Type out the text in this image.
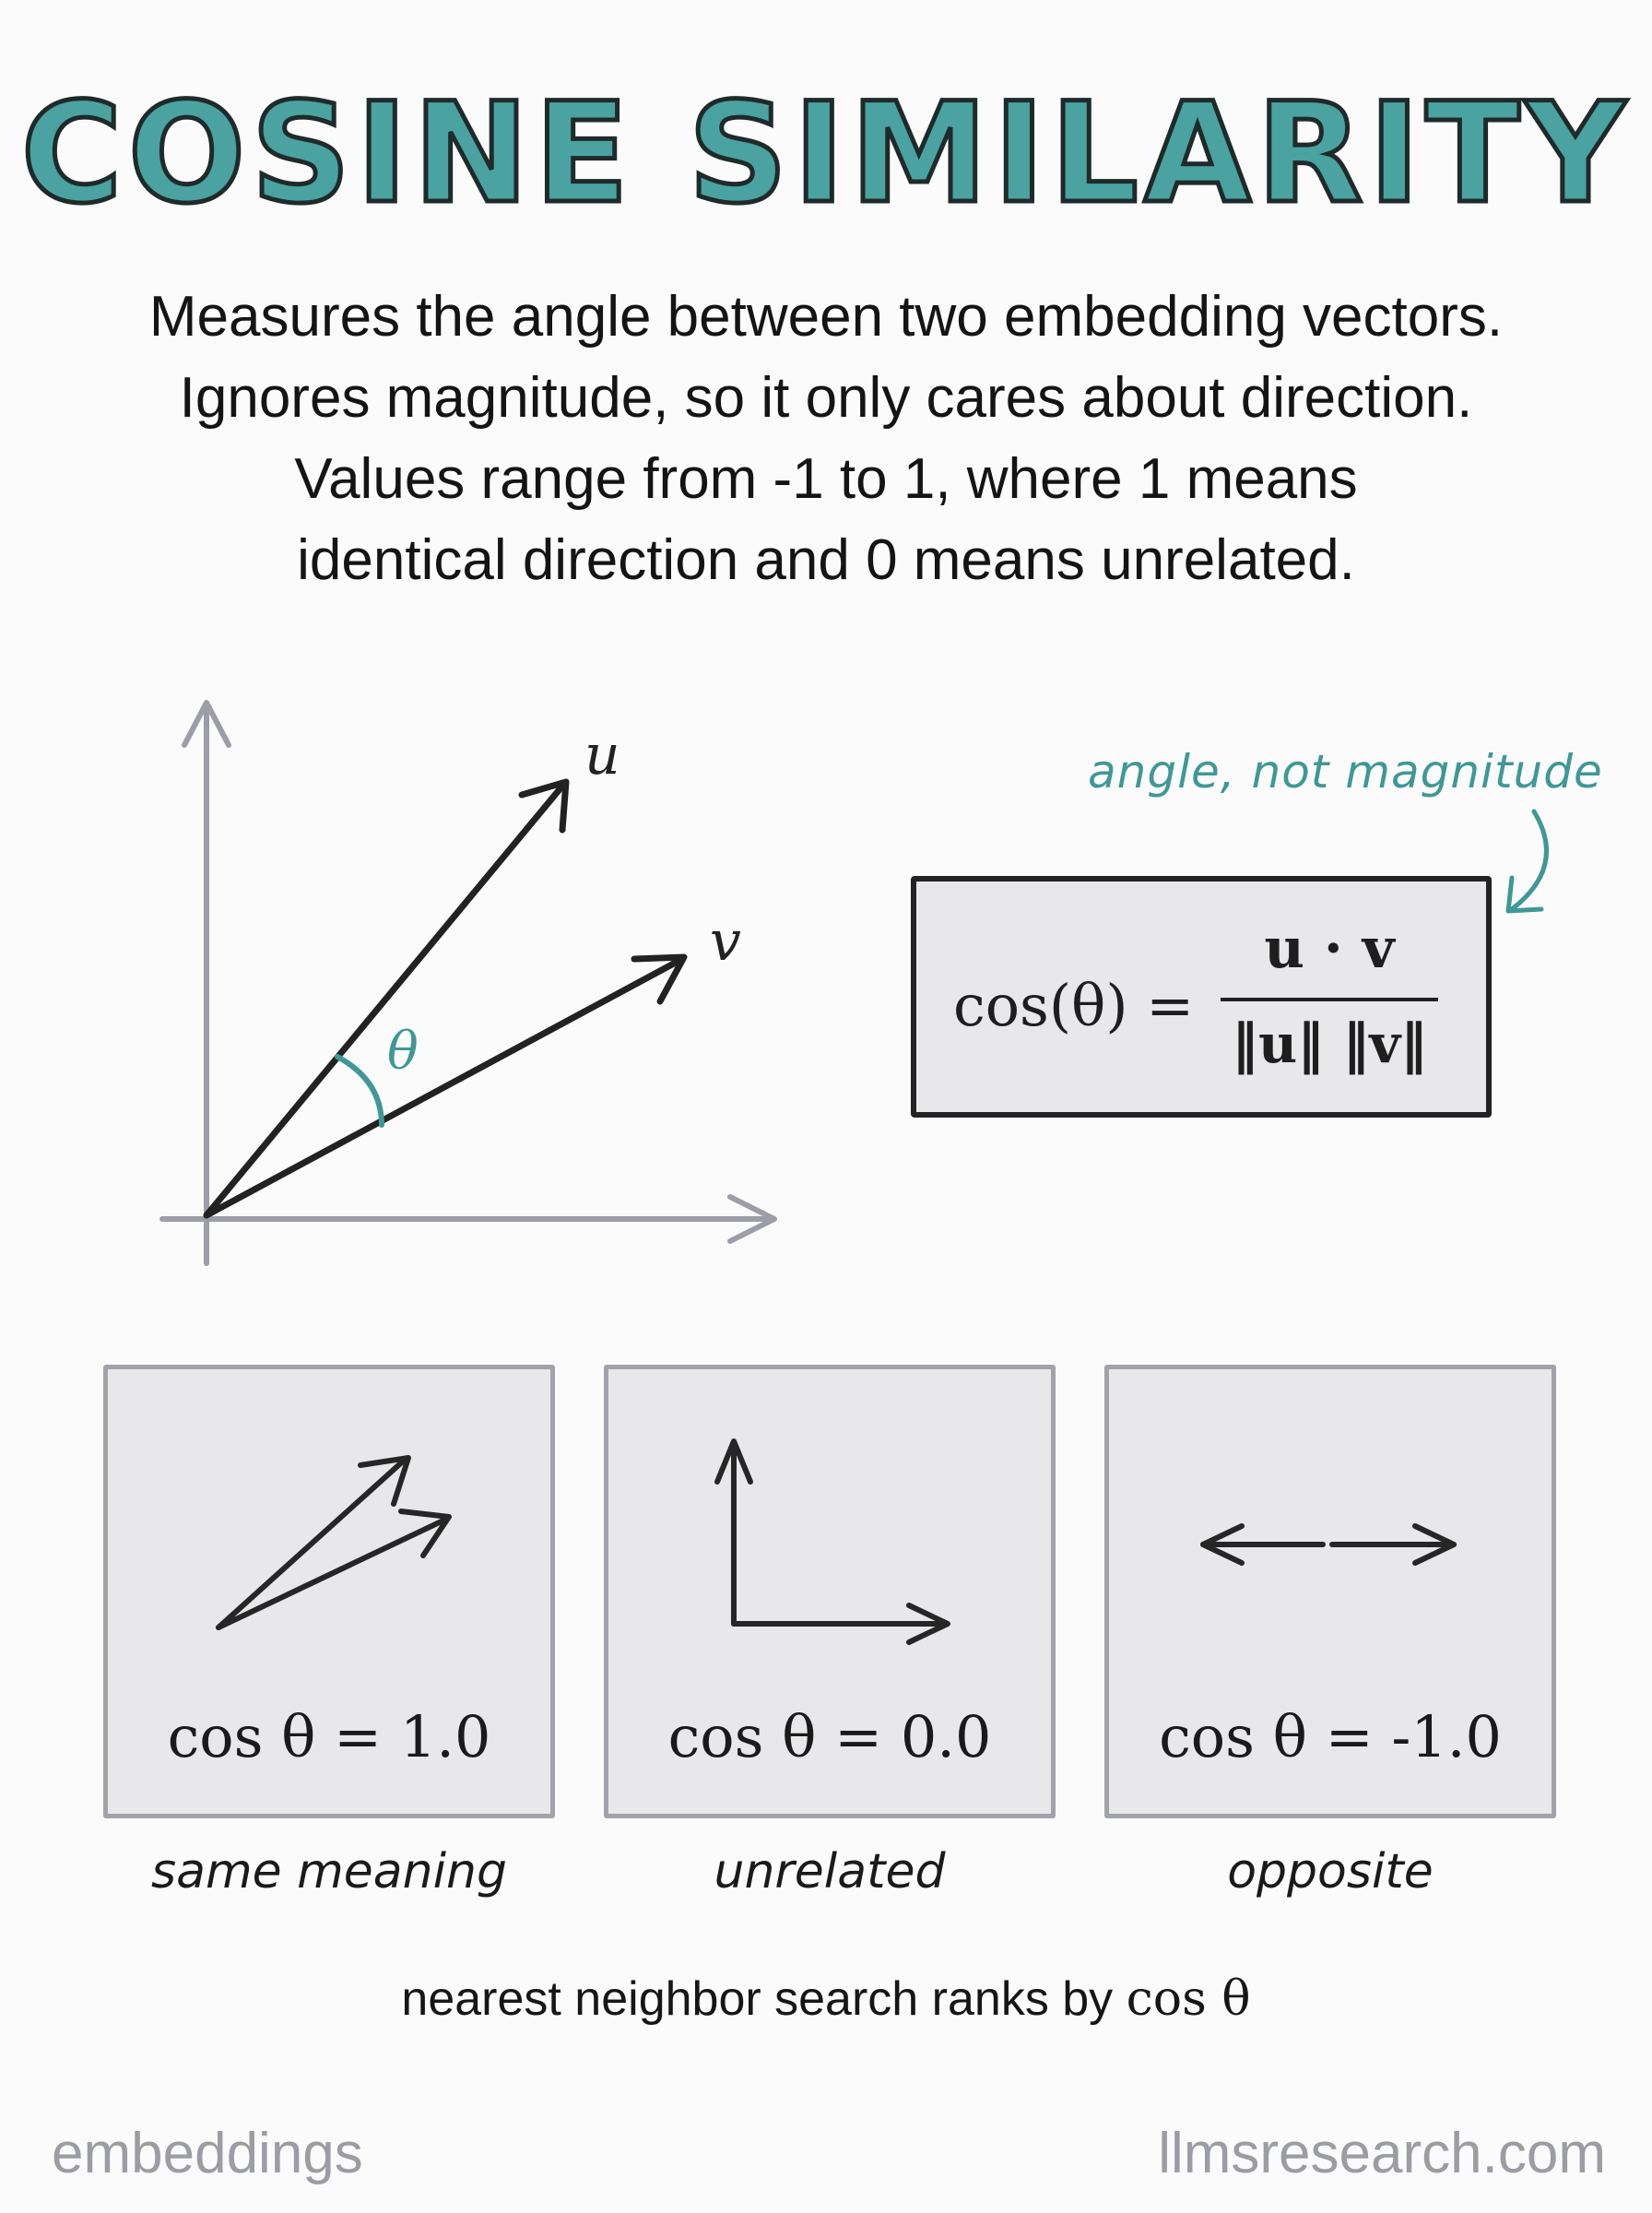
COSINE SIMILARITY
Measures the angle between two embedding vectors.
Ignores magnitude, so it only cares about direction.
Values range from -1 to 1, where 1 means
identical direction and 0 means unrelated.
u
v
θ
angle, not magnitude
cos(θ) =
u · v
‖u‖ ‖v‖
cos θ = 1.0
same meaning
cos θ = 0.0
unrelated
cos θ = -1.0
opposite
nearest neighbor search ranks by cos θ
embeddings	llmsresearch.com
